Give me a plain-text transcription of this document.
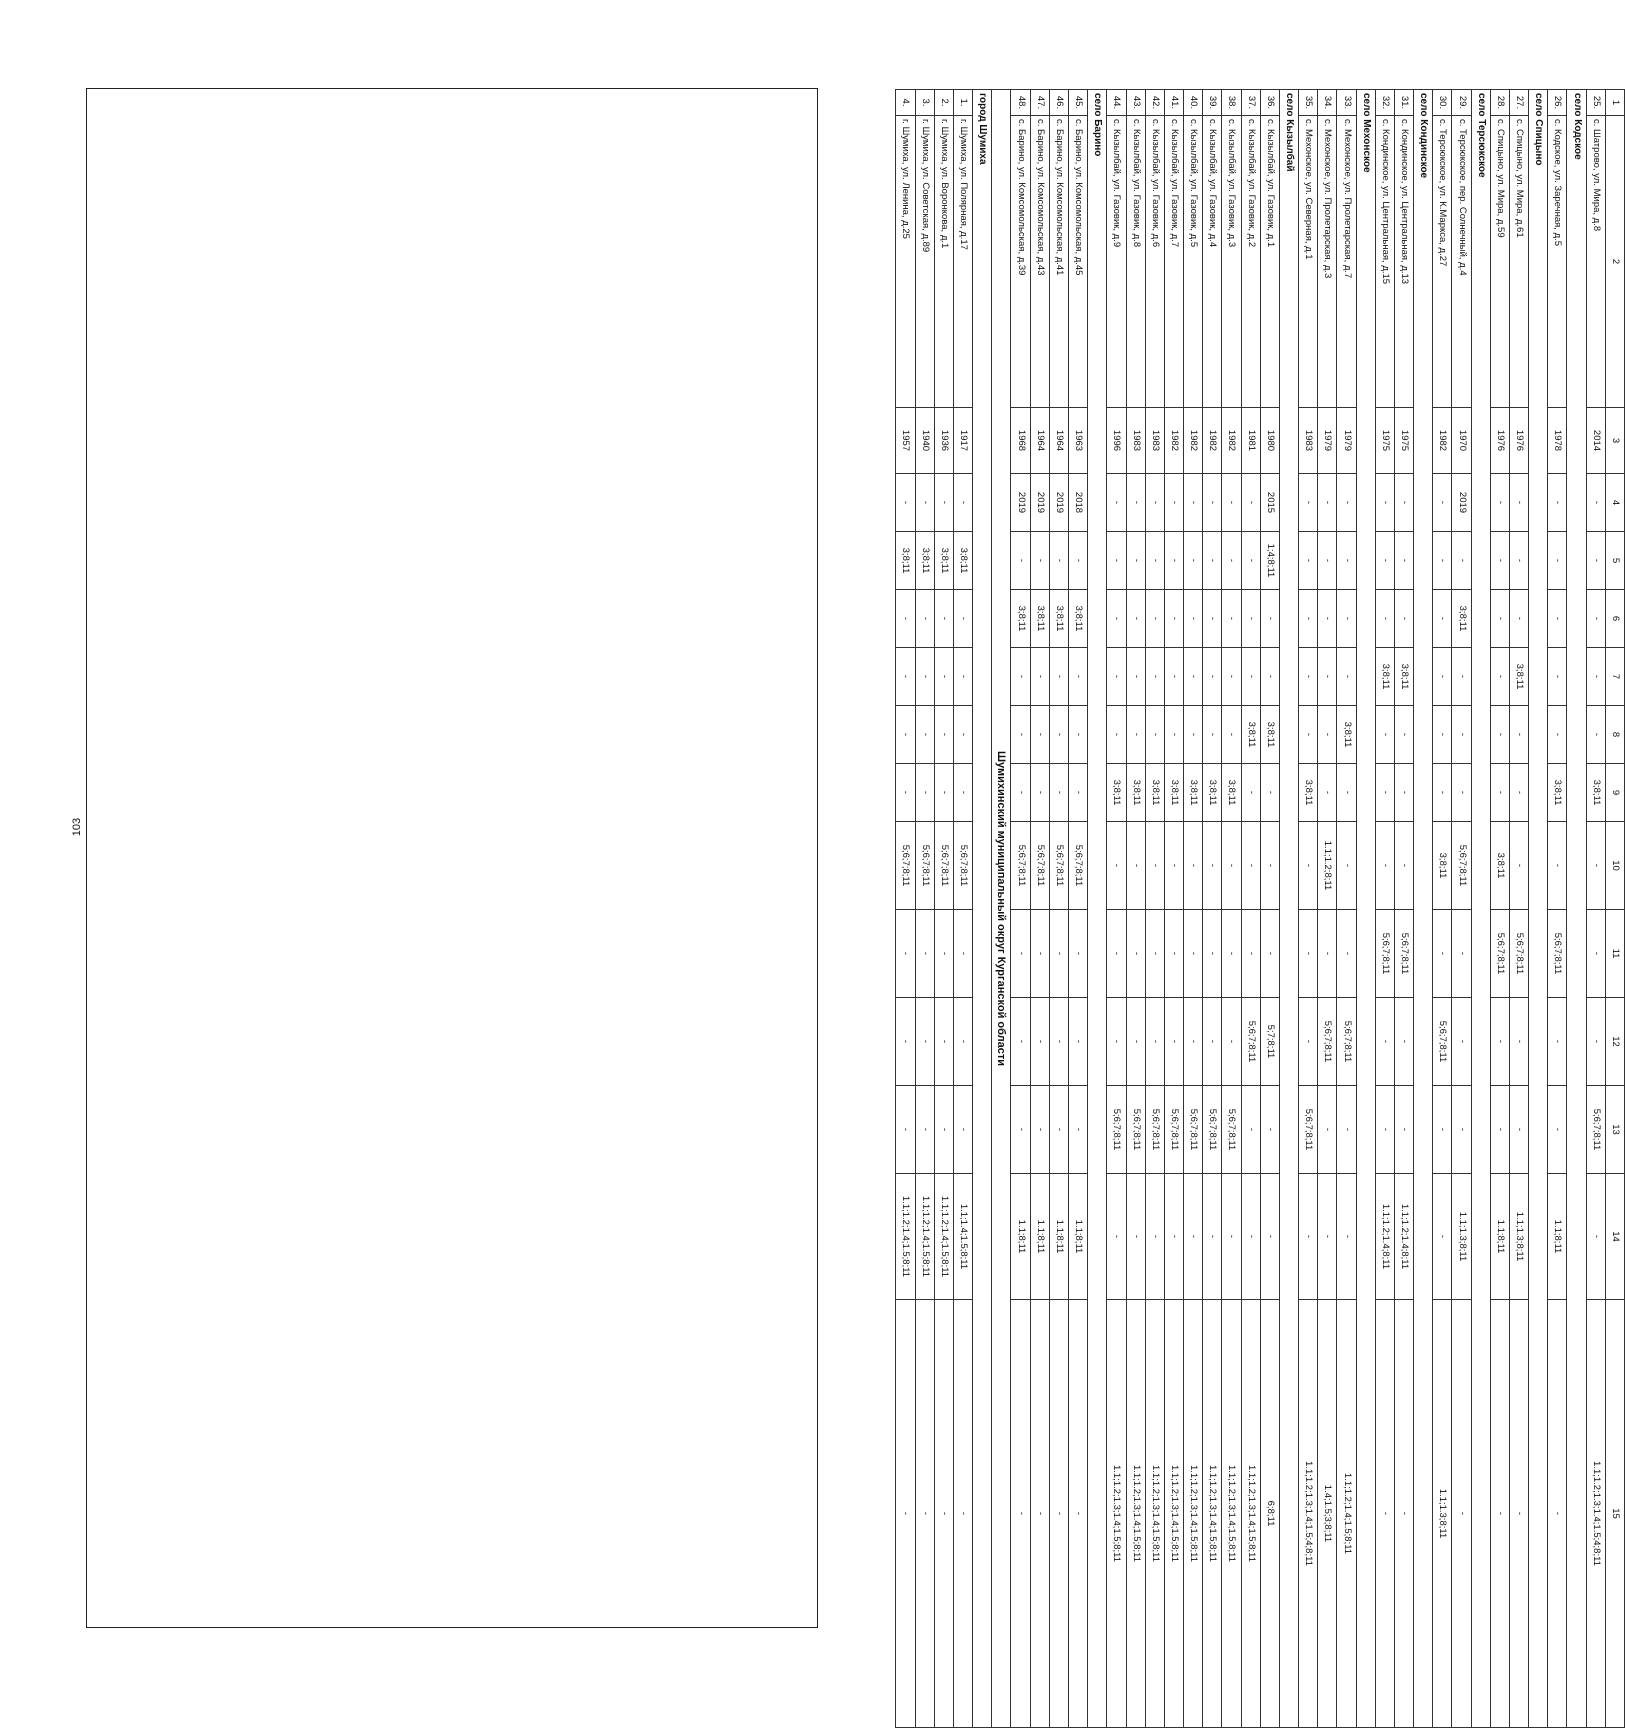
103
1	2	3	4	5	6	7	8	9	10	11	12	13	14	15
25.	с. Шатрово, ул. Мира, д.8	2014	-	-	-	-	-	3;8;11	-	-	-	5;6;7;8;11	-	1.1;1.2;1.3;1.4;1.5;4;8;11
село Кодское														
26.	с. Кодское, ул. Заречная, д.5	1978	-	-	-	-	-	3;8;11	-	5;6;7;8;11	-	-	1.1;8;11	-
село Спицыно														
27.	с. Спицыно, ул. Мира, д.61	1976	-	-	-	3;8;11	-	-	-	5;6;7;8;11	-	-	1.1;1.3;8;11	-
28.	с. Спицыно, ул. Мира, д.59	1976	-	-	-	-	-	-	3;8;11	5;6;7;8;11	-	-	1.1;8;11	-
село Терсюкское														
29.	с. Терсюкское, пер. Солнечный, д.4	1970	2019	-	3;8;11	-	-	-	5;6;7;8;11	-	-	-	1.1;1.3;8;11	-
30.	с. Терсюкское, ул. К.Маркса, д.27	1982	-	-	-	-	-	-	3;8;11	-	5;6;7;8;11	-	-	1.1;1.3;8;11
село Кондинское														
31.	с. Кондинское, ул. Центральная, д.13	1975	-	-	-	3;8;11	-	-	-	5;6;7;8;11	-	-	1.1;1.2;1.4;8;11	-
32.	с. Кондинское, ул. Центральная, д.15	1975	-	-	-	3;8;11	-	-	-	5;6;7;8;11	-	-	1.1;1.2;1.4;8;11	-
село Мехонское														
33.	с. Мехонское, ул. Пролетарская, д.7	1979	-	-	-	-	3;8;11	-	-	-	5;6;7;8;11	-	-	1.1;1.2;1.4;1.5;8;11
34.	с. Мехонское, ул. Пролетарская, д.3	1979	-	-	-	-	-	-	1.1;1.2;8;11	-	5;6;7;8;11	-	-	1.4;1.5;3;8;11
35.	с. Мехонское, ул. Северная, д.1	1983	-	-	-	-	-	3;8;11	-	-	-	5;6;7;8;11	-	1.1;1.2;1.3;1.4;1.5;4;8;11
село Кызылбай														
36.	с. Кызылбай, ул. Газовик, д.1	1980	2015	1;4;8;11	-	-	3;8;11	-	-	-	5;7;8;11	-	-	6;8;11
37.	с. Кызылбай, ул. Газовик, д.2	1981	-	-	-	-	3;8;11	-	-	-	5;6;7;8;11	-	-	1.1;1.2;1.3;1.4;1.5;8;11
38.	с. Кызылбай, ул. Газовик, д.3	1982	-	-	-	-	-	3;8;11	-	-	-	5;6;7;8;11	-	1.1;1.2;1.3;1.4;1.5;8;11
39.	с. Кызылбай, ул. Газовик, д.4	1982	-	-	-	-	-	3;8;11	-	-	-	5;6;7;8;11	-	1.1;1.2;1.3;1.4;1.5;8;11
40.	с. Кызылбай, ул. Газовик, д.5	1982	-	-	-	-	-	3;8;11	-	-	-	5;6;7;8;11	-	1.1;1.2;1.3;1.4;1.5;8;11
41.	с. Кызылбай, ул. Газовик, д.7	1982	-	-	-	-	-	3;8;11	-	-	-	5;6;7;8;11	-	1.1;1.2;1.3;1.4;1.5;8;11
42.	с. Кызылбай, ул. Газовик, д.6	1983	-	-	-	-	-	3;8;11	-	-	-	5;6;7;8;11	-	1.1;1.2;1.3;1.4;1.5;8;11
43.	с. Кызылбай, ул. Газовик, д.8	1983	-	-	-	-	-	3;8;11	-	-	-	5;6;7;8;11	-	1.1;1.2;1.3;1.4;1.5;8;11
44.	с. Кызылбай, ул. Газовик, д.9	1996	-	-	-	-	-	3;8;11	-	-	-	5;6;7;8;11	-	1.1;1.2;1.3;1.4;1.5;8;11
село Барино														
45.	с. Барино, ул. Комсомольская, д.45	1963	2018	-	3;8;11	-	-	-	5;6;7;8;11	-	-	-	1.1;8;11	-
46.	с. Барино, ул. Комсомольская, д.41	1964	2019	-	3;8;11	-	-	-	5;6;7;8;11	-	-	-	1.1;8;11	-
47.	с. Барино, ул. Комсомольская, д.43	1964	2019	-	3;8;11	-	-	-	5;6;7;8;11	-	-	-	1.1;8;11	-
48.	с. Барино, ул. Комсомольская, д.39	1968	2019	-	3;8;11	-	-	-	5;6;7;8;11	-	-	-	1.1;8;11	-
Шумихинский муниципальный округ Курганской области														
город Шумиха														
1.	г. Шумиха, ул. Полярная, д.17	1917	-	3;8;11	-	-	-	-	5;6;7;8;11	-	-	-	1.1;1.4;1.5;8;11	-
2.	г. Шумиха, ул. Воронкова, д.1	1936	-	3;8;11	-	-	-	-	5;6;7;8;11	-	-	-	1.1;1.2;1.4;1.5;8;11	-
3.	г. Шумиха, ул. Советская, д.89	1940	-	3;8;11	-	-	-	-	5;6;7;8;11	-	-	-	1.1;1.2;1.4;1.5;8;11	-
4.	г. Шумиха, ул. Ленина, д.25	1957	-	3;8;11	-	-	-	-	5;6;7;8;11	-	-	-	1.1;1.2;1.4;1.5;8;11	-
